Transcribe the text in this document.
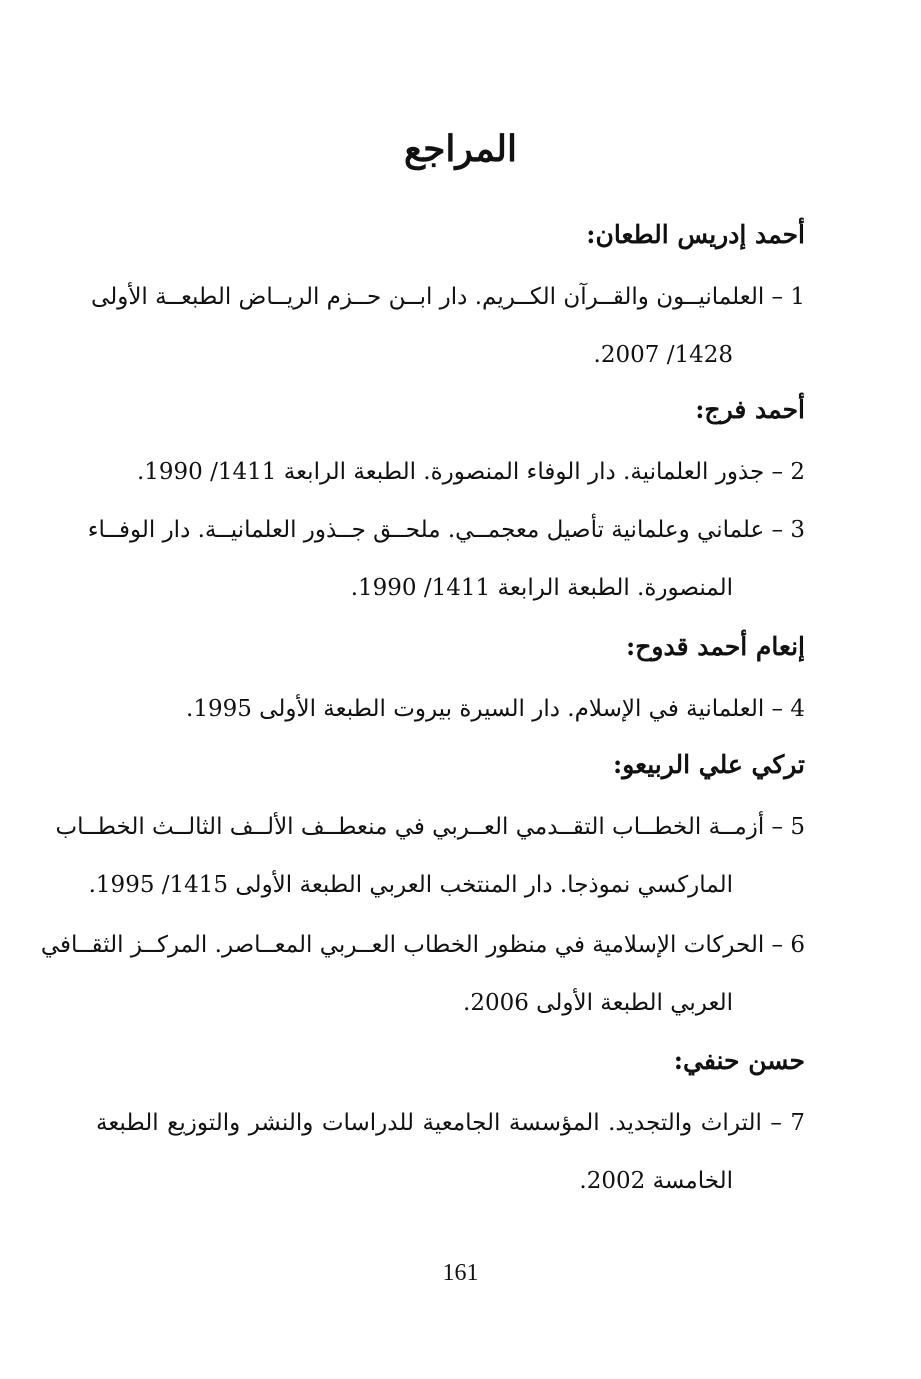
المراجع
أحمد إدريس الطعان:
1 – العلمانيــون والقــرآن الكــريم. دار ابــن حــزم الريــاض الطبعــة الأولى
1428/ 2007.
أحمد فرج:
2 – جذور العلمانية. دار الوفاء المنصورة. الطبعة الرابعة 1411/ 1990.
3 – علماني وعلمانية تأصيل معجمــي. ملحــق جــذور العلمانيــة. دار الوفــاء
المنصورة. الطبعة الرابعة 1411/ 1990.
إنعام أحمد قدوح:
4 – العلمانية في الإسلام. دار السيرة بيروت الطبعة الأولى 1995.
تركي علي الربيعو:
5 – أزمــة الخطــاب التقــدمي العــربي في منعطــف الألــف الثالــث الخطــاب
الماركسي نموذجا. دار المنتخب العربي الطبعة الأولى 1415/ 1995.
6 – الحركات الإسلامية في منظور الخطاب العــربي المعــاصر. المركــز الثقــافي
العربي الطبعة الأولى 2006.
حسن حنفي:
7 – التراث والتجديد. المؤسسة الجامعية للدراسات والنشر والتوزيع الطبعة
الخامسة 2002.
161
